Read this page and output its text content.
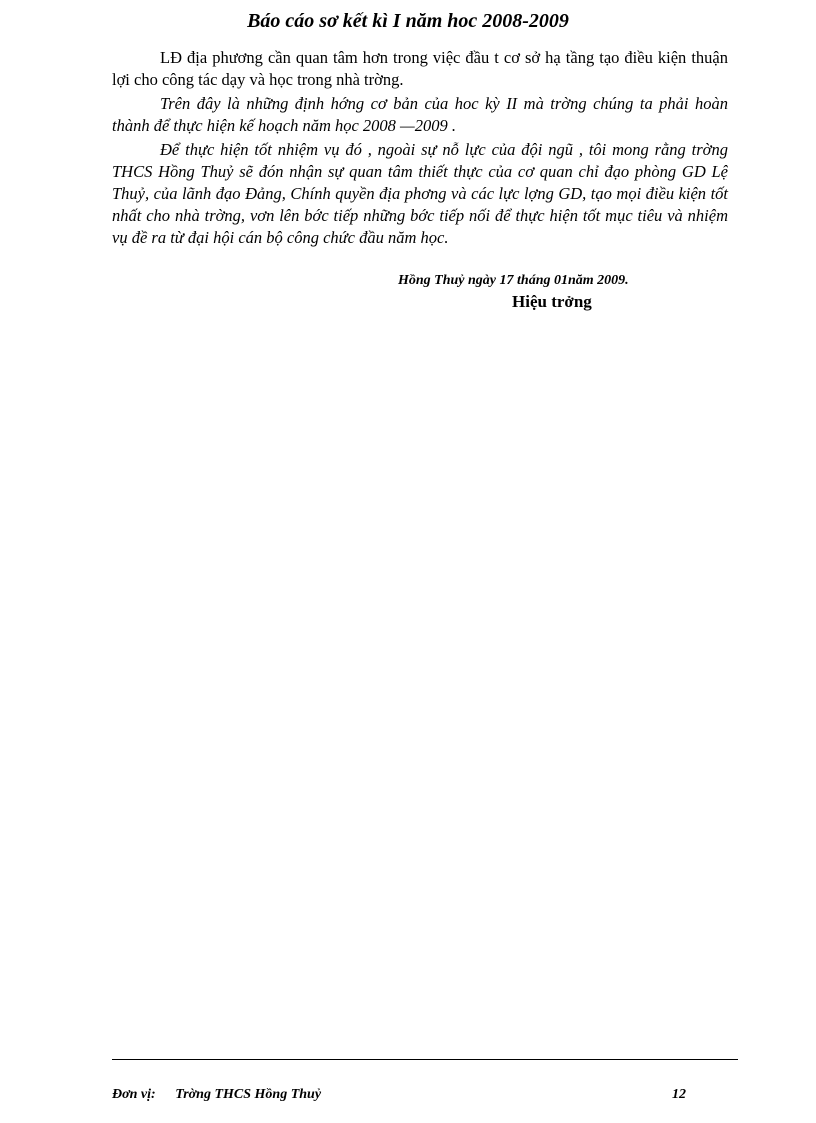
Báo cáo sơ kết kì I năm hoc 2008-2009

LĐ địa phương cần quan tâm hơn trong việc đầu t cơ sở hạ tầng tạo điều kiện thuận lợi cho công tác dạy và học trong nhà trờng.

Trên đây là những định hớng cơ bản của hoc kỳ II mà trờng chúng ta phải hoàn thành để thực hiện kế hoạch năm học 2008 —2009 .

Để thực hiện tốt nhiệm vụ đó , ngoài sự nỗ lực của đội ngũ , tôi mong rằng trờng THCS Hồng Thuỷ sẽ đón nhận sự quan tâm thiết thực của cơ quan chỉ đạo phòng GD Lệ Thuỷ, của lãnh đạo Đảng, Chính quyền địa phơng và các lực lợng GD, tạo mọi điều kiện tốt nhất cho nhà trờng, vơn lên bớc tiếp những bớc tiếp nối để thực hiện tốt mục tiêu và nhiệm vụ đề ra từ đại hội cán bộ công chức đầu năm học.

Hồng Thuỷ ngày 17 tháng 01năm 2009.
Hiệu trởng
Đơn vị: Trờng THCS Hồng Thuỷ	12
